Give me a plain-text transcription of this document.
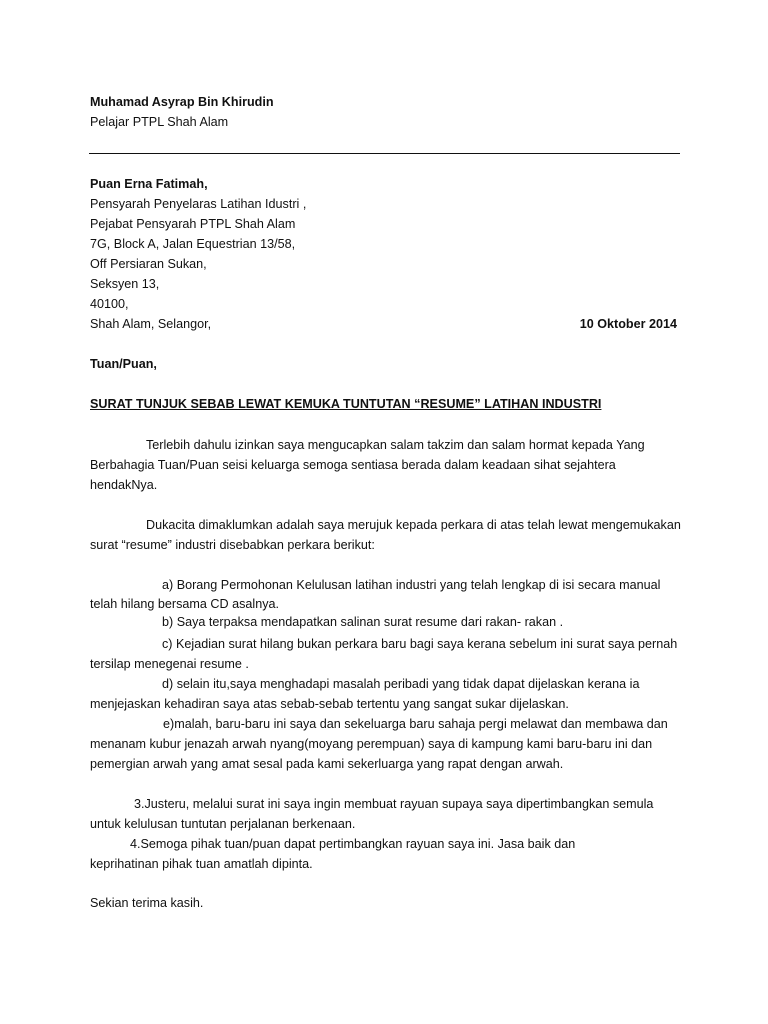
Muhamad Asyrap Bin Khirudin
Pelajar PTPL Shah Alam
Puan Erna Fatimah,
Pensyarah Penyelaras Latihan Idustri ,
Pejabat Pensyarah PTPL Shah Alam
7G, Block A, Jalan Equestrian 13/58,
Off Persiaran Sukan,
Seksyen 13,
40100,
Shah Alam, Selangor,	10 Oktober 2014
Tuan/Puan,
SURAT TUNJUK SEBAB LEWAT KEMUKA TUNTUTAN “RESUME” LATIHAN INDUSTRI
Terlebih dahulu izinkan saya mengucapkan salam takzim dan salam hormat kepada Yang
Berbahagia Tuan/Puan seisi keluarga semoga sentiasa berada dalam keadaan sihat sejahtera
hendakNya.
Dukacita dimaklumkan adalah saya merujuk kepada perkara di atas telah lewat mengemukakan
surat “resume” industri disebabkan perkara berikut:
a) Borang Permohonan Kelulusan latihan industri yang telah lengkap di isi secara manual
telah hilang bersama CD asalnya.
b) Saya terpaksa mendapatkan salinan surat resume dari rakan- rakan .
c) Kejadian surat hilang bukan perkara baru bagi saya kerana sebelum ini surat saya pernah
tersilap menegenai resume .
d) selain itu,saya menghadapi masalah peribadi yang tidak dapat dijelaskan kerana ia
menjejaskan kehadiran saya atas sebab-sebab tertentu yang sangat sukar dijelaskan.
e)malah, baru-baru ini saya dan sekeluarga baru sahaja pergi melawat dan membawa dan
menanam kubur jenazah arwah nyang(moyang perempuan) saya di kampung kami baru-baru ini dan
pemergian arwah yang amat sesal pada kami sekerluarga yang rapat dengan arwah.
3.Justeru, melalui surat ini saya ingin membuat rayuan supaya saya dipertimbangkan semula
untuk kelulusan tuntutan perjalanan berkenaan.
4.Semoga pihak tuan/puan dapat pertimbangkan rayuan saya ini. Jasa baik dan
keprihatinan pihak tuan amatlah dipinta.
Sekian terima kasih.
